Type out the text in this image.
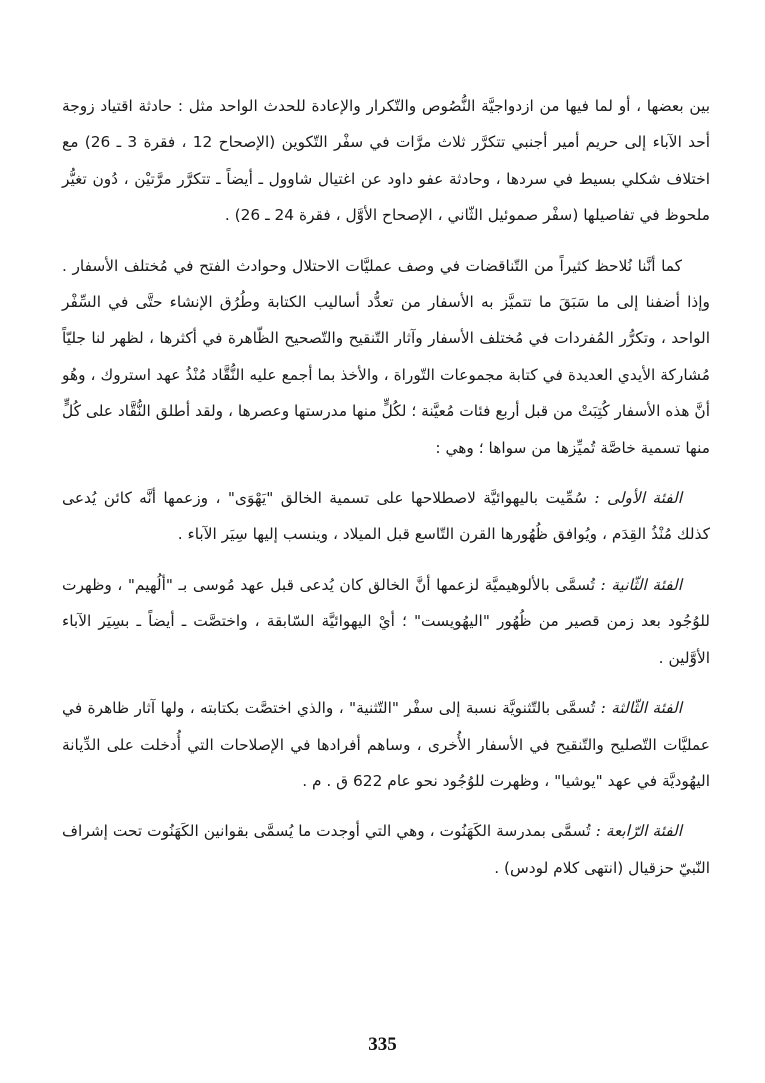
بين بعضها ، أو لما فيها من ازدواجيَّة النُّصُوص والتّكرار والإعادة للحدث الواحد مثل : حادثة اقتياد زوجة أحد الآباء إلى حريم أمير أجنبي تتكرَّر ثلاث مرَّات في سفْر التّكوين (الإصحاح 12 ، فقرة 3 ـ 26) مع اختلاف شكلي بسيط في سردها ، وحادثة عفو داود عن اغتيال شاوول ـ أيضاً ـ تتكرَّر مرَّتيْن ، دُون تغيُّر ملحوظ في تفاصيلها (سفْر صموئيل الثّاني ، الإصحاح الأوَّل ، فقرة 24 ـ 26) .

كما أنَّنا نُلاحظ كثيراً من التّناقضات في وصف عمليَّات الاحتلال وحوادث الفتح في مُختلف الأسفار . وإذا أضفنا إلى ما سَبَقَ ما تتميَّز به الأسفار من تعدُّد أساليب الكتابة وطُرُق الإنشاء حتَّى في السِّفْر الواحد ، وتكرُّر المُفردات في مُختلف الأسفار وآثار التّنقيح والتّصحيح الظّاهرة في أكثرها ، لظهر لنا جليّاً مُشاركة الأيدي العديدة في كتابة مجموعات التّوراة ، والأخذ بما أجمع عليه النُّقَّاد مُنْذُ عهد استروك ، وهُو أنَّ هذه الأسفار كُتِبَتْ من قبل أربع فئات مُعيَّنة ؛ لكُلٍّ منها مدرستها وعصرها ، ولقد أطلق النُّقَّاد على كُلٍّ منها تسمية خاصَّة تُميِّزها من سواها ؛ وهي :

الفئة الأولى : سُمِّيت باليهوائيَّة لاصطلاحها على تسمية الخالق "يَهْوَى" ، وزعمها أنَّه كائن يُدعى كذلك مُنْذُ القِدَم ، ويُوافق ظُهُورها القرن التّاسع قبل الميلاد ، وينسب إليها سِيَر الآباء .

الفئة الثّانية : تُسمَّى بالألوهيميَّة لزعمها أنَّ الخالق كان يُدعى قبل عهد مُوسى بـ "ألُهيم" ، وظهرت للوُجُود بعد زمن قصير من ظُهُور "اليهُويست" ؛ أيْ اليهوائيَّة السّابقة ، واختصَّت ـ أيضاً ـ بسِيَر الآباء الأوَّلين .

الفئة الثّالثة : تُسمَّى بالتّثنويَّة نسبة إلى سفْر "التّثنية" ، والذي اختصَّت بكتابته ، ولها آثار ظاهرة في عمليَّات التّصليح والتّنقيح في الأسفار الأُخرى ، وساهم أفرادها في الإصلاحات التي أُدخلت على الدِّيانة اليهُوديَّة في عهد "يوشيا" ، وظهرت للوُجُود نحو عام 622 ق . م .

الفئة الرّابعة : تُسمَّى بمدرسة الكَهَنُوت ، وهي التي أوجدت ما يُسمَّى بقوانين الكَهَنُوت تحت إشراف النّبيّ حزقيال (انتهى كلام لودس) .

335
